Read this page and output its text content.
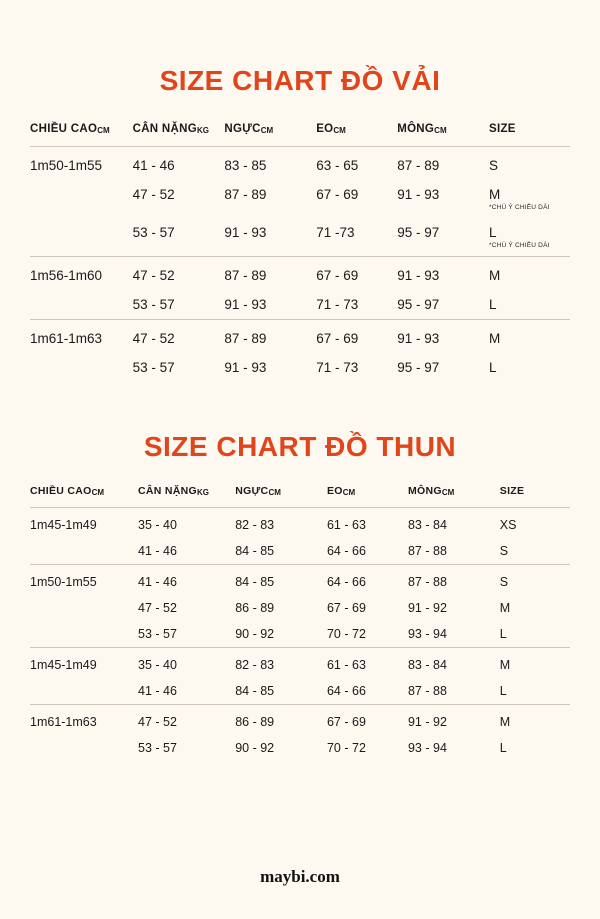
SIZE CHART ĐỒ VẢI
CHIỀU CAOCM	CÂN NẶNGKG	NGỰCCM	EOCM	MÔNGCM	SIZE
1m50-1m55	41 - 46	83 - 85	63 - 65	87 - 89	S
	47 - 52	87 - 89	67 - 69	91 - 93	M
*CHÚ Ý CHIỀU DÀI

	53 - 57	91 - 93	71 -73	95 - 97	L
*CHÚ Ý CHIỀU DÀI

1m56-1m60	47 - 52	87 - 89	67 - 69	91 - 93	M
	53 - 57	91 - 93	71 - 73	95 - 97	L
1m61-1m63	47 - 52	87 - 89	67 - 69	91 - 93	M
	53 - 57	91 - 93	71 - 73	95 - 97	L
SIZE CHART ĐỒ THUN
CHIỀU CAOCM	CÂN NẶNGKG	NGỰCCM	EOCM	MÔNGCM	SIZE
1m45-1m49	35 - 40	82 - 83	61 - 63	83 - 84	XS
	41 - 46	84 - 85	64 - 66	87 - 88	S
1m50-1m55	41 - 46	84 - 85	64 - 66	87 - 88	S
	47 - 52	86 - 89	67 - 69	91 - 92	M
	53 - 57	90 - 92	70 - 72	93 - 94	L
1m45-1m49	35 - 40	82 - 83	61 - 63	83 - 84	M
	41 - 46	84 - 85	64 - 66	87 - 88	L
1m61-1m63	47 - 52	86 - 89	67 - 69	91 - 92	M
	53 - 57	90 - 92	70 - 72	93 - 94	L
maybi.com
